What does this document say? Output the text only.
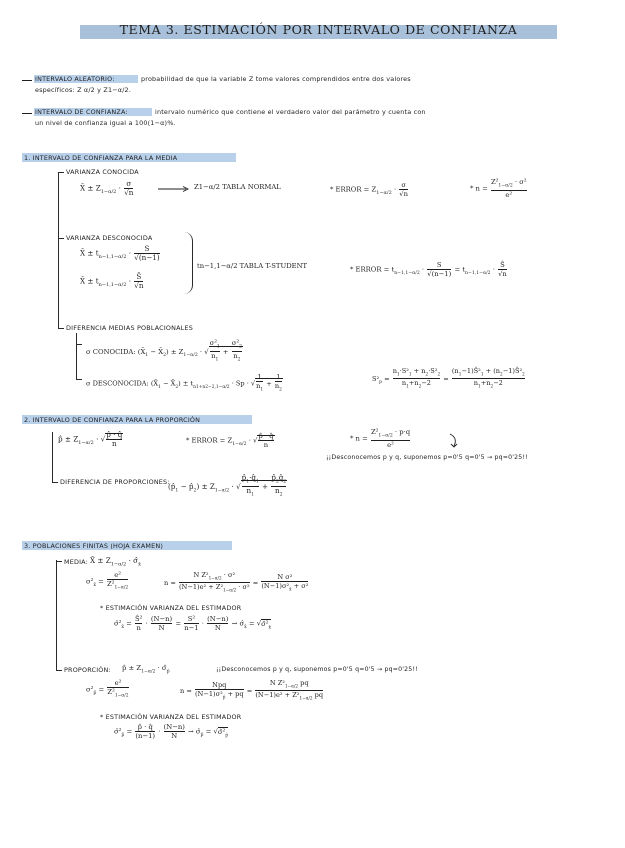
TEMA 3. ESTIMACIÓN POR INTERVALO DE CONFIANZA
INTERVALO ALEATORIO:	probabilidad de que la variable Z tome valores comprendidos entre dos valores
específicos: Z α/2 y Z1−α/2.
INTERVALO DE CONFIANZA:	intervalo numérico que contiene el verdadero valor del parámetro y cuenta con
un nivel de confianza igual a 100(1−α)%.
1. INTERVALO DE CONFIANZA PARA LA MEDIA
VARIANZA CONOCIDA
X̄ ± $Z_{1-\alpha/2} \cdot \frac{\sigma}{√n}$	Z1−α/2 TABLA NORMAL	* ERROR = $Z_{1-\alpha/2} \cdot \frac{\sigma}{√n}$	* $n = \frac{Z^2_{1-\alpha/2} \cdot \sigma^2}{\text{e²}}$
VARIANZA DESCONOCIDA
X̄ ± $t_{n-1,1-\alpha/2} \cdot \frac{S}{√(n-1)}$
X̄ ± $t_{n-1,1-\alpha/2} \cdot \frac{Ŝ}{√n}$
tn−1,1−α/2 TABLA T-STUDENT	* ERROR = $t_{n-1,1-\alpha/2} \cdot \frac{S}{√(n-1)} = t_{n-1,1-\alpha/2} \cdot \frac{Ŝ}{√n}$
DIFERENCIA MEDIAS POBLACIONALES
σ CONOCIDA: ($X̄_1$ − $X̄_2) \pm Z_{1-\alpha/2}$ · √ $\frac{\sigma^2_1}{n_1} + \frac{\sigma^2_2}{n_2}$
σ DESCONOCIDA: ($X̄_1$ − $X̄_2) \pm t_{n1+n2-2,1-\alpha/2} \cdot Sp$ · √ $\frac{1}{n_1} + \frac{1}{n_2}$	$S^2_p = \frac{n_1\cdot S^2_1 + n_2\cdot S^2_2}{n_1+n_2-2} = \frac{(n_1-1)Ŝ^2_1 + (n_2-1)Ŝ^2_2}{n_1+n_2-2}$
2. INTERVALO DE CONFIANZA PARA LA PROPORCIÓN
p̂ ± $Z_{1-\alpha/2}$ · √ $\frac{p̂ \cdot q̂}{n}$	* ERROR = $Z_{1-\alpha/2}$ · √ $\frac{p̂ \cdot q̂}{n}$	* $n = \frac{Z^2_{1-\alpha/2} \cdot p\cdot q}{\text{e²}}$
¡¡Desconocemos p y q, suponemos p=0'5 q=0'5 → pq=0'25!!
DIFERENCIA DE PROPORCIONES:
($p̂_1$ − $p̂_2) \pm Z_{1-\alpha/2}$ · √ $\frac{p̂_1\cdot q̂_1}{n_1} + \frac{p̂_2q̂_2}{n_2}$
3. POBLACIONES FINITAS (HOJA EXAMEN)
MEDIA: X̄ ± $Z_{1-\alpha/2}$ · $\sigmâ_{x̄}$
$\sigma^2_{x̄} = \frac{\text{e²}}{Z^2_{1-\alpha/2}}$	$n = \frac{N Z^2_{1-\alpha/2} \cdot \sigma^2}{(N-1)e^2 + Z^2_{1-\alpha/2} \cdot \sigma^2} = \frac{\text{N σ²}}{(N-1)\sigma^2_{x̄} + \sigma^2}$
* ESTIMACIÓN VARIANZA DEL ESTIMADOR
$\sigmâ^2_{x̄} = \frac{\text{Ŝ²}}{n} \cdot \frac{(N-n)}{N} = \frac{\text{S²}}{n-1} \cdot \frac{(N-n)}{N}$ → $\sigmâ_{x̄}$ = $√\sigmâ^2_{x̄}$
PROPORCIÓN: p̂ ± $Z_{1-\alpha/2}$ · $\sigmâ_{p̂}$	¡¡Desconocemos p y q, suponemos p=0'5 q=0'5 → pq=0'25!!
$\sigma^2_{p̂} = \frac{\text{e²}}{Z^2_{1-\alpha/2}}$	$n = \frac{\text{Npq}}{(N-1)\sigma^2_{p̂} + pq} = \frac{N Z^2_{1-\alpha/2} pq}{(N-1)e^2 + Z^2_{1-\alpha/2} pq}$
* ESTIMACIÓN VARIANZA DEL ESTIMADOR
$\sigmâ^2_{p̂} = \frac{p̂ \cdot q̂}{(n-1)} \cdot \frac{(N-n)}{N}$ → $\sigmâ_{p̂}$ = $√\sigmâ^2_{p̂}$
